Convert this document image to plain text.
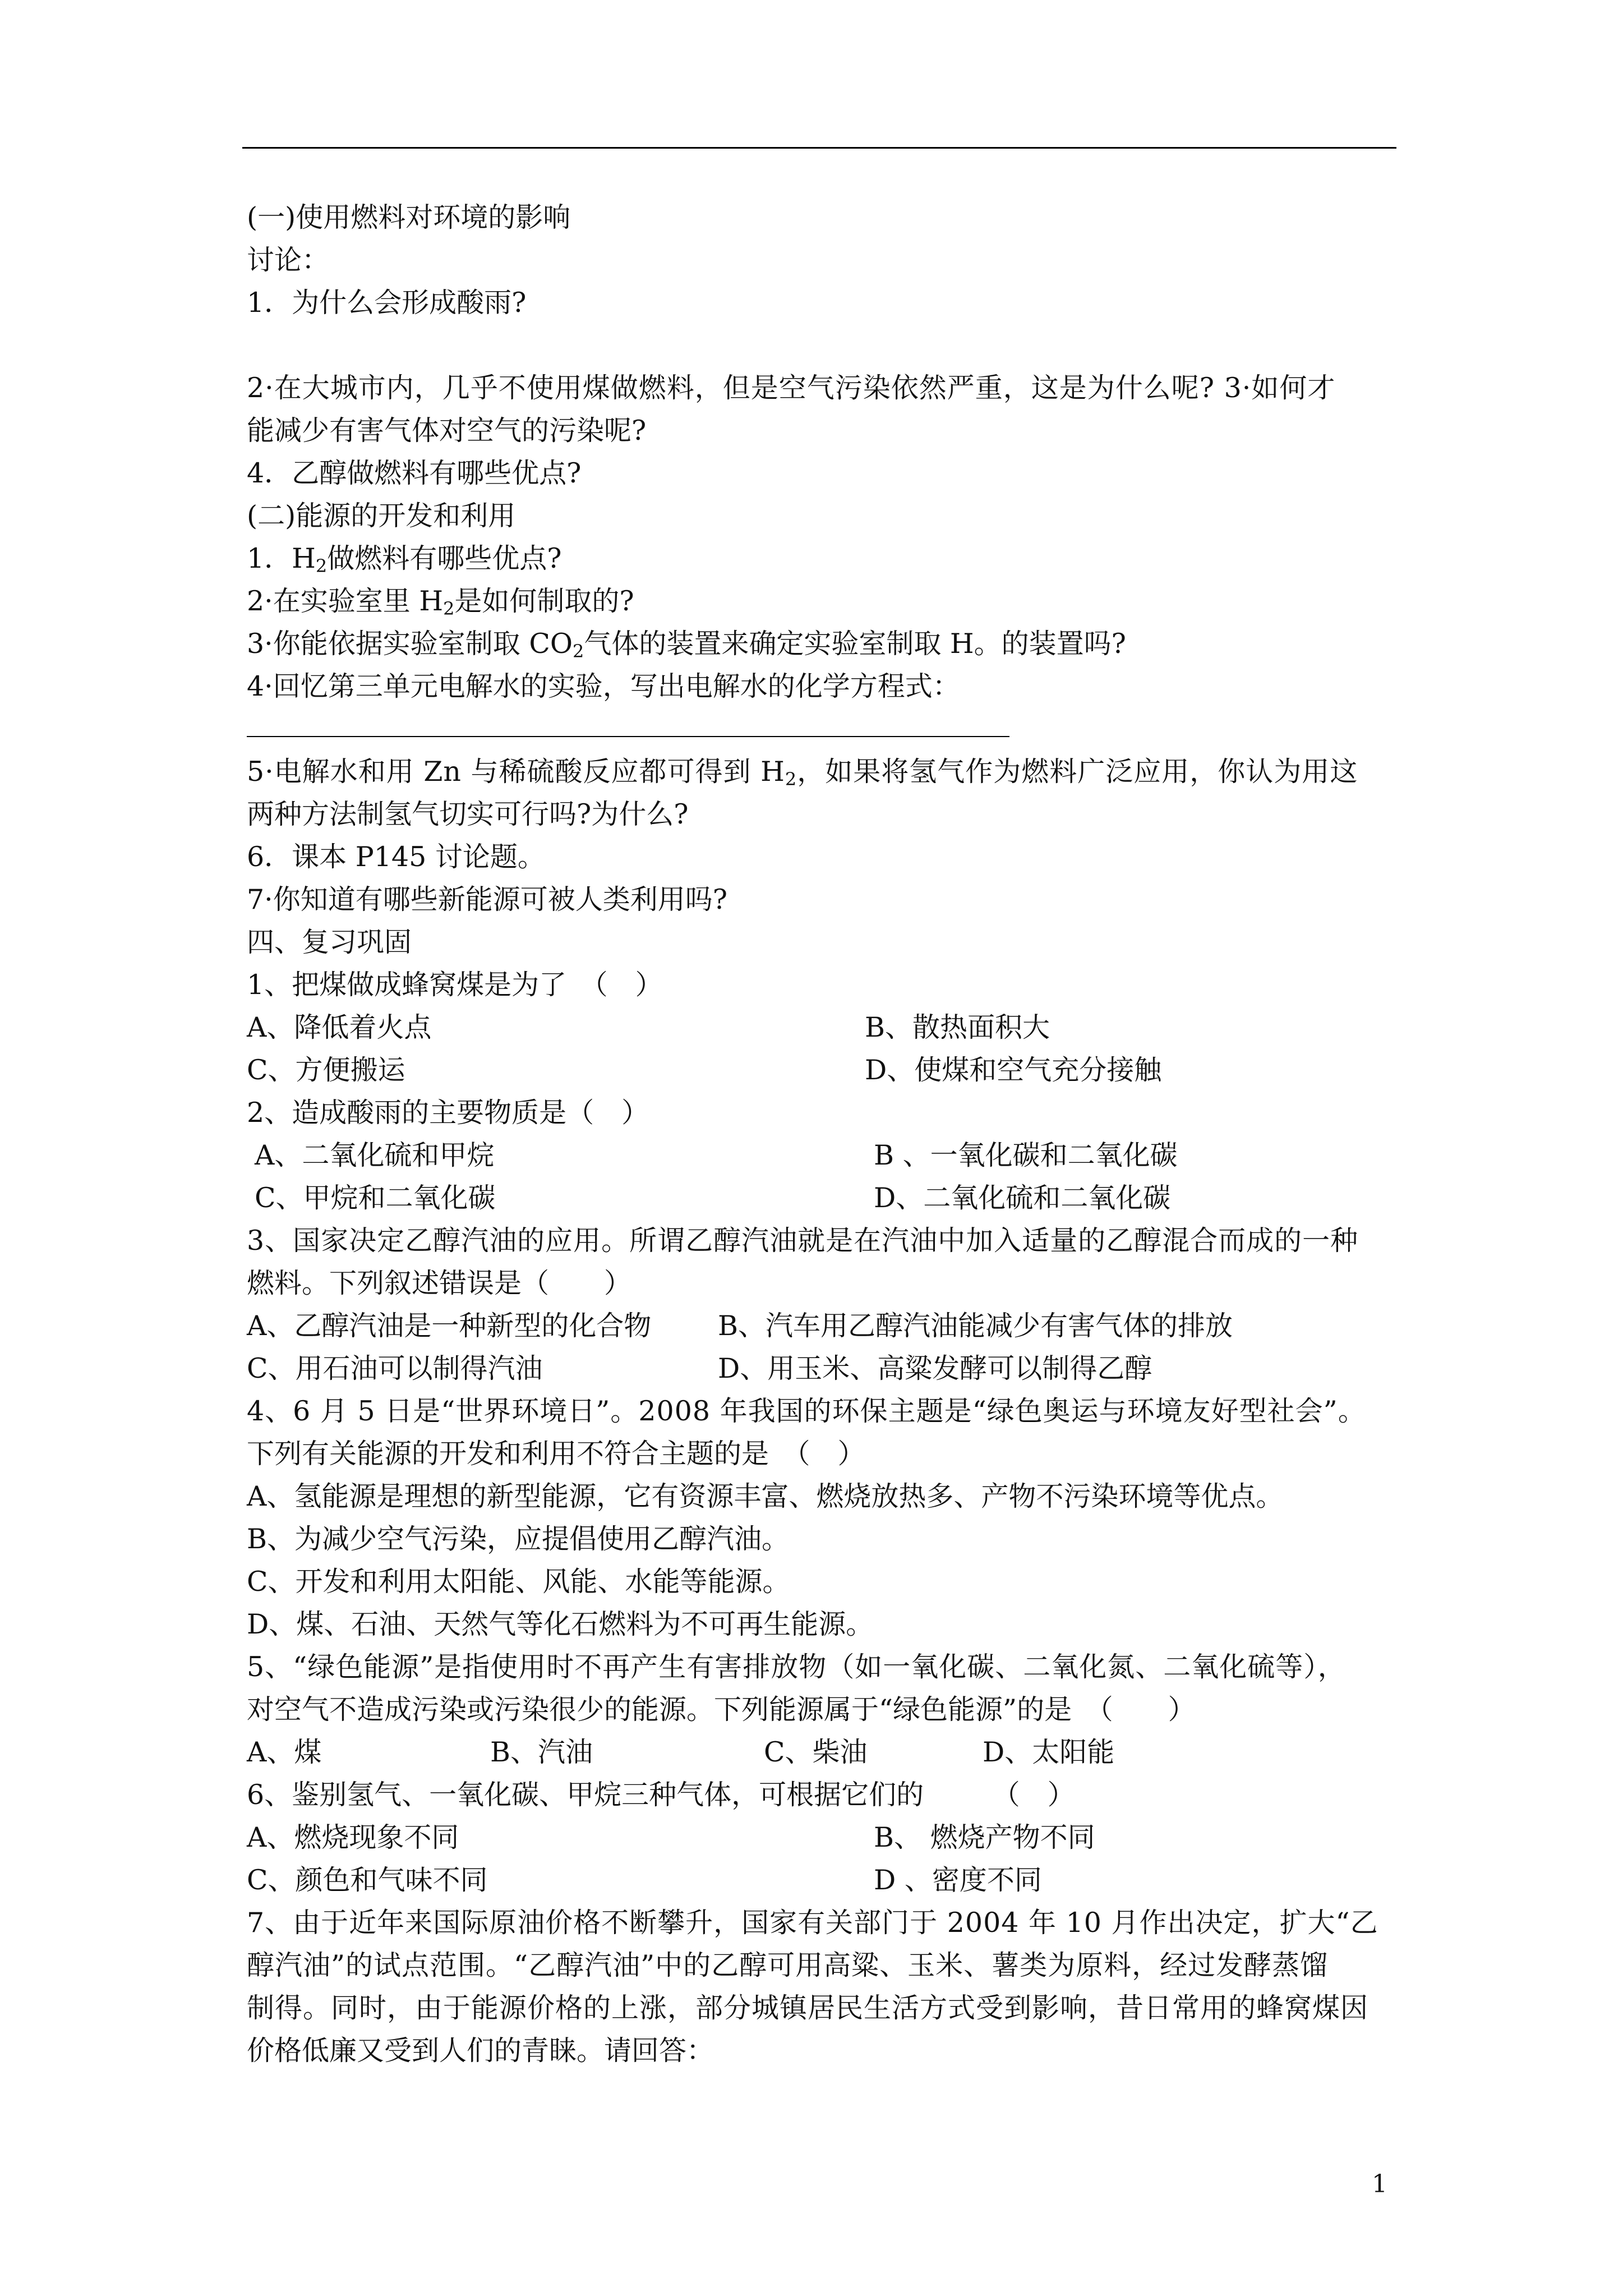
(一)使用燃料对环境的影响
讨论：
1．为什么会形成酸雨?
2·在大城市内，几乎不使用煤做燃料，但是空气污染依然严重，这是为什么呢? 3·如何才
能减少有害气体对空气的污染呢?
4．乙醇做燃料有哪些优点?
(二)能源的开发和利用
1．$H_2$做燃料有哪些优点?
2·在实验室里 $H_2$是如何制取的?
3·你能依据实验室制取 $CO_2$气体的装置来确定实验室制取 H。的装置吗?
4·回忆第三单元电解水的实验，写出电解水的化学方程式：
5·电解水和用 Zn 与稀硫酸反应都可得到 $H_2$，如果将氢气作为燃料广泛应用，你认为用这
两种方法制氢气切实可行吗?为什么?
6．课本 P145 讨论题。
7·你知道有哪些新能源可被人类利用吗?
四、复习巩固
1、把煤做成蜂窝煤是为了　（　）
A、降低着火点	B、散热面积大
C、方便搬运	D、使煤和空气充分接触
2、造成酸雨的主要物质是（　）
A、二氧化硫和甲烷	B 、一氧化碳和二氧化碳
C、甲烷和二氧化碳	D、二氧化硫和二氧化碳
3、国家决定乙醇汽油的应用。所谓乙醇汽油就是在汽油中加入适量的乙醇混合而成的一种
燃料。下列叙述错误是（　　）
A、乙醇汽油是一种新型的化合物	B、汽车用乙醇汽油能减少有害气体的排放
C、用石油可以制得汽油	D、用玉米、高粱发酵可以制得乙醇
4、6 月 5 日是“世界环境日”。2008 年我国的环保主题是“绿色奥运与环境友好型社会”。
下列有关能源的开发和利用不符合主题的是　（　）
A、氢能源是理想的新型能源，它有资源丰富、燃烧放热多、产物不污染环境等优点。
B、为减少空气污染，应提倡使用乙醇汽油。
C、开发和利用太阳能、风能、水能等能源。
D、煤、石油、天然气等化石燃料为不可再生能源。
5、“绿色能源”是指使用时不再产生有害排放物（如一氧化碳、二氧化氮、二氧化硫等），
对空气不造成污染或污染很少的能源。下列能源属于“绿色能源”的是　（　　）
A、煤	B、汽油	C、柴油	D、太阳能
6、鉴别氢气、一氧化碳、甲烷三种气体，可根据它们的　　　（　）
A、燃烧现象不同	B、 燃烧产物不同
C、颜色和气味不同	D 、密度不同
7、由于近年来国际原油价格不断攀升，国家有关部门于 2004 年 10 月作出决定，扩大“乙
醇汽油”的试点范围。“乙醇汽油”中的乙醇可用高粱、玉米、薯类为原料，经过发酵蒸馏
制得。同时，由于能源价格的上涨，部分城镇居民生活方式受到影响，昔日常用的蜂窝煤因
价格低廉又受到人们的青睐。请回答：
1
